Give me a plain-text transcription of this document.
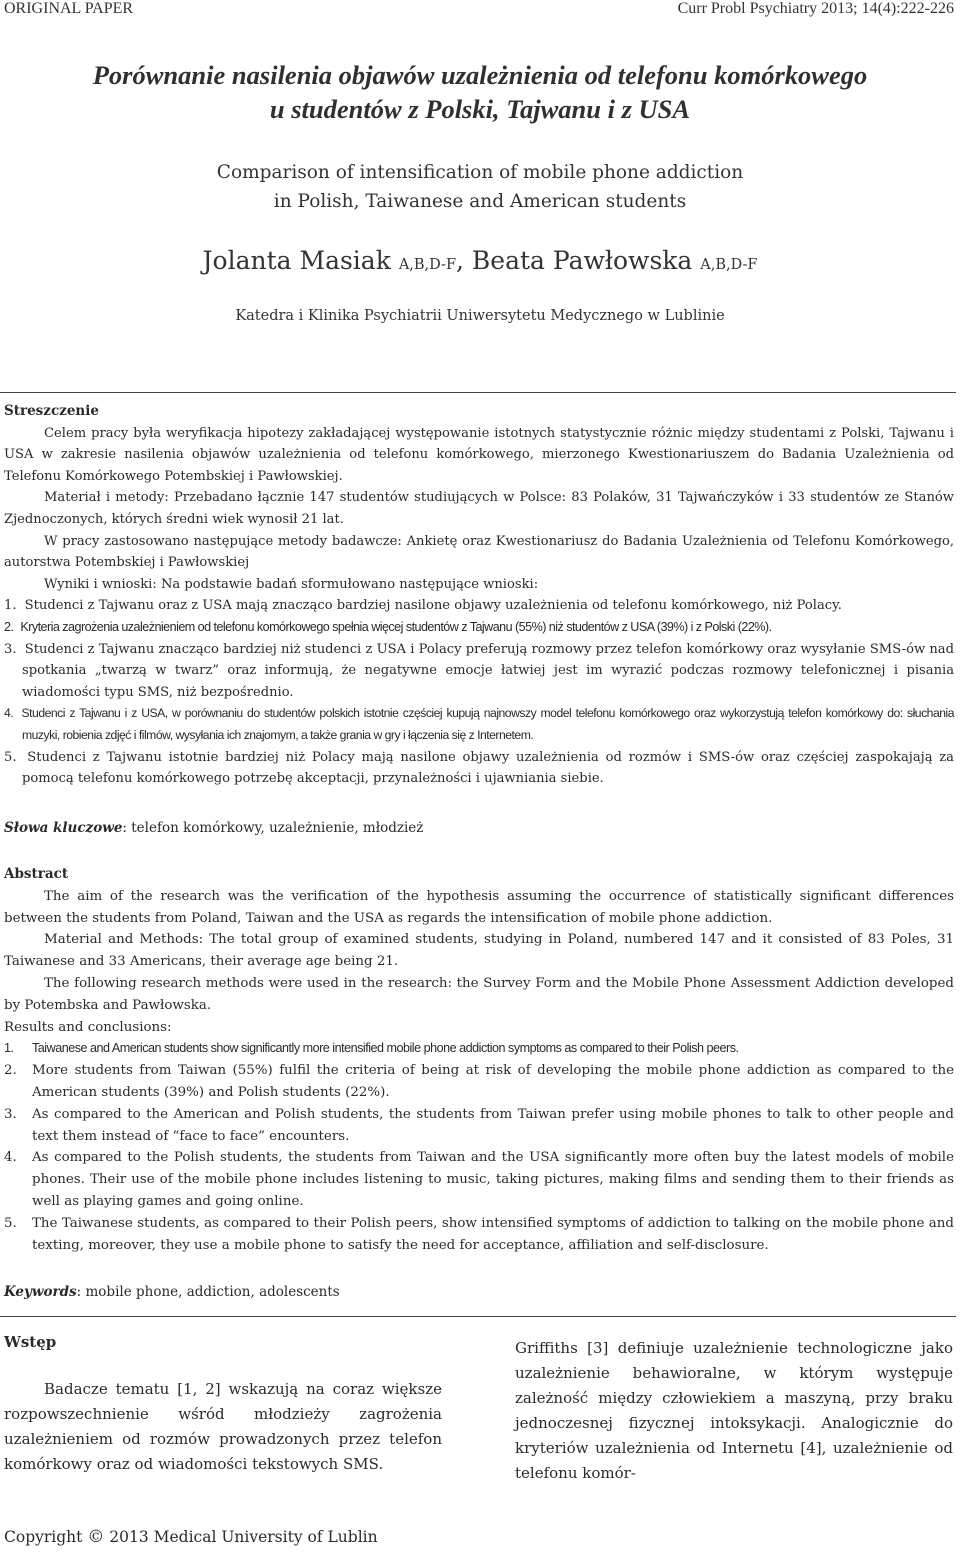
ORIGINAL PAPER	Curr Probl Psychiatry 2013; 14(4):222-226
Porównanie nasilenia objawów uzależnienia od telefonu komórkowego
u studentów z Polski, Tajwanu i z USA
Comparison of intensification of mobile phone addiction
in Polish, Taiwanese and American students
Jolanta Masiak A,B,D-F, Beata Pawłowska A,B,D-F
Katedra i Klinika Psychiatrii Uniwersytetu Medycznego w Lublinie
Streszczenie

Celem pracy była weryfikacja hipotezy zakładającej występowanie istotnych statystycznie różnic między studentami z Polski, Tajwanu i USA w zakresie nasilenia objawów uzależnienia od telefonu komórkowego, mierzonego Kwestionariuszem do Badania Uzależnienia od Telefonu Komórkowego Potembskiej i Pawłowskiej.

Materiał i metody: Przebadano łącznie 147 studentów studiujących w Polsce: 83 Polaków, 31 Tajwańczyków i 33 studentów ze Stanów Zjednoczonych, których średni wiek wynosił 21 lat.

W pracy zastosowano następujące metody badawcze: Ankietę oraz Kwestionariusz do Badania Uzależnienia od Telefonu Komórkowego, autorstwa Potembskiej i Pawłowskiej

Wyniki i wnioski: Na podstawie badań sformułowano następujące wnioski:

1. Studenci z Tajwanu oraz z USA mają znacząco bardziej nasilone objawy uzależnienia od telefonu komórkowego, niż Polacy.
2. Kryteria zagrożenia uzależnieniem od telefonu komórkowego spełnia więcej studentów z Tajwanu (55%) niż studentów z USA (39%) i z Polski (22%).
3. Studenci z Tajwanu znacząco bardziej niż studenci z USA i Polacy preferują rozmowy przez telefon komórkowy oraz wysyłanie SMS-ów nad spotkania „twarzą w twarz” oraz informują, że negatywne emocje łatwiej jest im wyrazić podczas rozmowy telefonicznej i pisania wiadomości typu SMS, niż bezpośrednio.
4. Studenci z Tajwanu i z USA, w porównaniu do studentów polskich istotnie częściej kupują najnowszy model telefonu komórkowego oraz wykorzystują telefon komórkowy do: słuchania muzyki, robienia zdjęć i filmów, wysyłania ich znajomym, a także grania w gry i łączenia się z Internetem.
5. Studenci z Tajwanu istotnie bardziej niż Polacy mają nasilone objawy uzależnienia od rozmów i SMS-ów oraz częściej zaspokajają za pomocą telefonu komórkowego potrzebę akceptacji, przynależności i ujawniania siebie.
Słowa kluczowe: telefon komórkowy, uzależnienie, młodzież
Abstract

The aim of the research was the verification of the hypothesis assuming the occurrence of statistically significant differences between the students from Poland, Taiwan and the USA as regards the intensification of mobile phone addiction.

Material and Methods: The total group of examined students, studying in Poland, numbered 147 and it consisted of 83 Poles, 31 Taiwanese and 33 Americans, their average age being 21.

The following research methods were used in the research: the Survey Form and the Mobile Phone Assessment Addiction developed by Potembska and Pawłowska.

Results and conclusions:

1. Taiwanese and American students show significantly more intensified mobile phone addiction symptoms as compared to their Polish peers.
2. More students from Taiwan (55%) fulfil the criteria of being at risk of developing the mobile phone addiction as compared to the American students (39%) and Polish students (22%).
3. As compared to the American and Polish students, the students from Taiwan prefer using mobile phones to talk to other people and text them instead of “face to face” encounters.
4. As compared to the Polish students, the students from Taiwan and the USA significantly more often buy the latest models of mobile phones. Their use of the mobile phone includes listening to music, taking pictures, making films and sending them to their friends as well as playing games and going online.
5. The Taiwanese students, as compared to their Polish peers, show intensified symptoms of addiction to talking on the mobile phone and texting, moreover, they use a mobile phone to satisfy the need for acceptance, affiliation and self-disclosure.
Keywords: mobile phone, addiction, adolescents
Wstęp

Badacze tematu [1, 2] wskazują na coraz większe rozpowszechnienie wśród młodzieży zagrożenia uzależnieniem od rozmów prowadzonych przez telefon komórkowy oraz od wiadomości tekstowych SMS.

Griffiths [3] definiuje uzależnienie technologiczne jako uzależnienie behawioralne, w którym występuje zależność między człowiekiem a maszyną, przy braku jednoczesnej fizycznej intoksykacji. Analogicznie do kryteriów uzależnienia od Internetu [4], uzależnienie od telefonu komór-

Copyright © 2013 Medical University of Lublin
